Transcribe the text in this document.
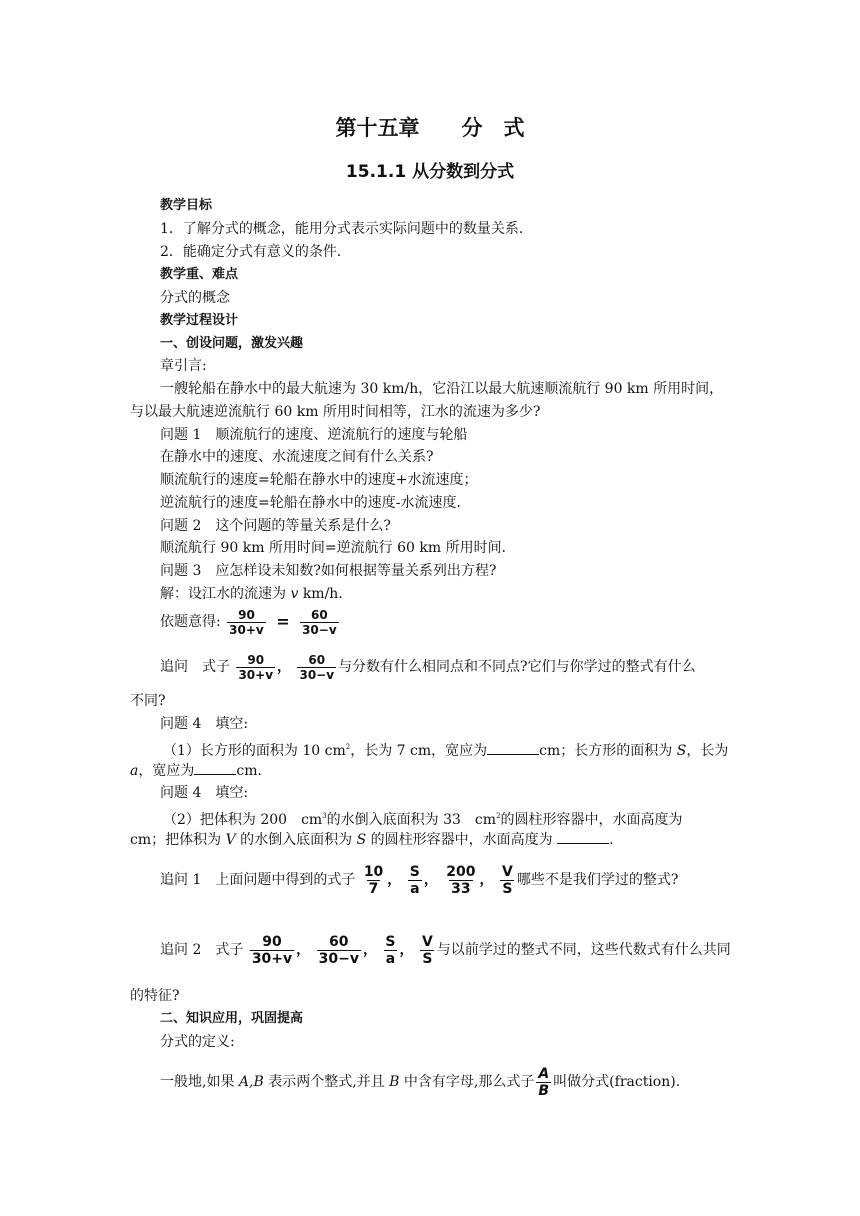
第十五章　　分　式
15.1.1 从分数到分式
教学目标
1．了解分式的概念，能用分式表示实际问题中的数量关系．
2．能确定分式有意义的条件．
教学重、难点
分式的概念
教学过程设计
一、创设问题，激发兴趣
章引言:
一艘轮船在静水中的最大航速为 30 km/h，它沿江以最大航速顺流航行 90 km 所用时间，
与以最大航速逆流航行 60 km 所用时间相等，江水的流速为多少?
问题 1　顺流航行的速度、逆流航行的速度与轮船
在静水中的速度、水流速度之间有什么关系?
顺流航行的速度=轮船在静水中的速度+水流速度；
逆流航行的速度=轮船在静水中的速度-水流速度．
问题 2　这个问题的等量关系是什么?
顺流航行 90 km 所用时间=逆流航行 60 km 所用时间．
问题 3　应怎样设未知数?如何根据等量关系列出方程?
解：设江水的流速为 v km/h.
依题意得: $\frac{90}{30+v} = \frac{60}{30-v}$
追问　式子 $\frac{90}{30+v}$ ， $\frac{60}{30-v}$ 与分数有什么相同点和不同点?它们与你学过的整式有什么
不同?
问题 4　填空:
（1）长方形的面积为 10 $cm^2$，长为 7 cm，宽应为	cm；长方形的面积为 S，长为
a，宽应为	cm.
问题 4　填空:
（2）把体积为 200　$cm^3$的水倒入底面积为 33　$cm^2$的圆柱形容器中，水面高度为
cm；把体积为 V 的水倒入底面积为 S 的圆柱形容器中，水面高度为	.
追问 1　上面问题中得到的式子 $\frac{10}{7}$ ， $\frac{S}{a}$ ， $\frac{200}{33}$ ， $\frac{V}{S}$ 哪些不是我们学过的整式?
追问 2　式子 $\frac{90}{30+v}$ ， $\frac{60}{30-v}$ ， $\frac{S}{a}$ ， $\frac{V}{S}$ 与以前学过的整式不同，这些代数式有什么共同
的特征?
二、知识应用，巩固提高
分式的定义:
一般地,如果 A,B 表示两个整式,并且 B 中含有字母,那么式子 $\frac{A}{B}$ 叫做分式(fraction).
